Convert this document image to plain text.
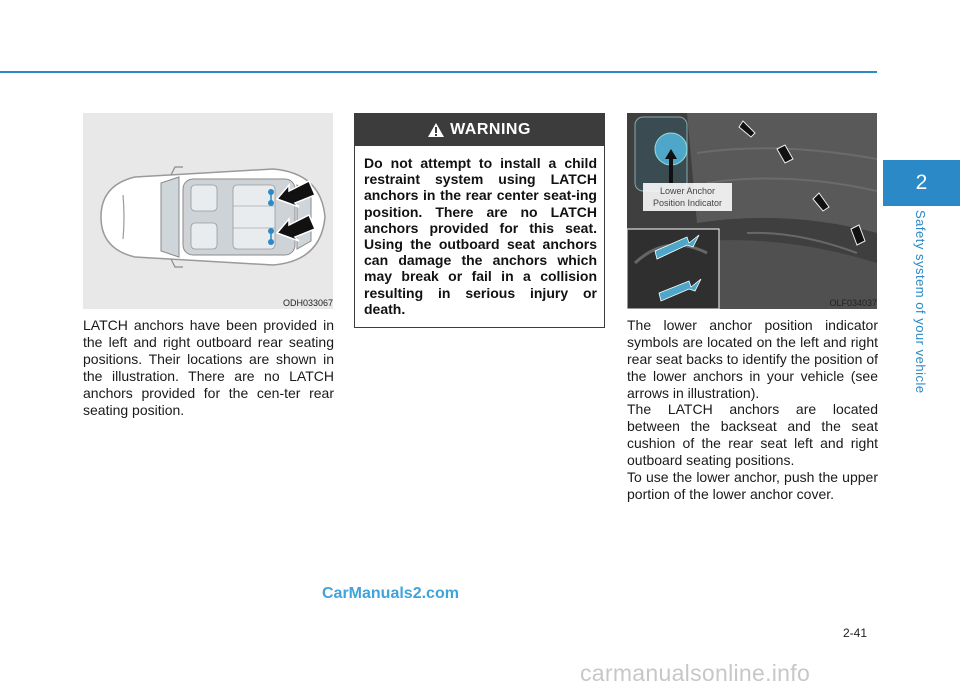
2
Safety system of your vehicle
ODH033067

LATCH anchors have been provided in the left and right outboard rear seating positions. Their locations are shown in the illustration. There are no LATCH anchors provided for the cen-ter rear seating position.

WARNING

Do not attempt to install a child restraint system using LATCH anchors in the rear center seat-ing position. There are no LATCH anchors provided for this seat. Using the outboard seat anchors can damage the anchors which may break or fail in a collision resulting in serious injury or death.

Lower Anchor
Position Indicator
OLF034037

The lower anchor position indicator symbols are located on the left and right rear seat backs to identify the position of the lower anchors in your vehicle (see arrows in illustration).

The LATCH anchors are located between the backseat and the seat cushion of the rear seat left and right outboard seating positions.

To use the lower anchor, push the upper portion of the lower anchor cover.

CarManuals2.com
2-41
carmanualsonline.info
